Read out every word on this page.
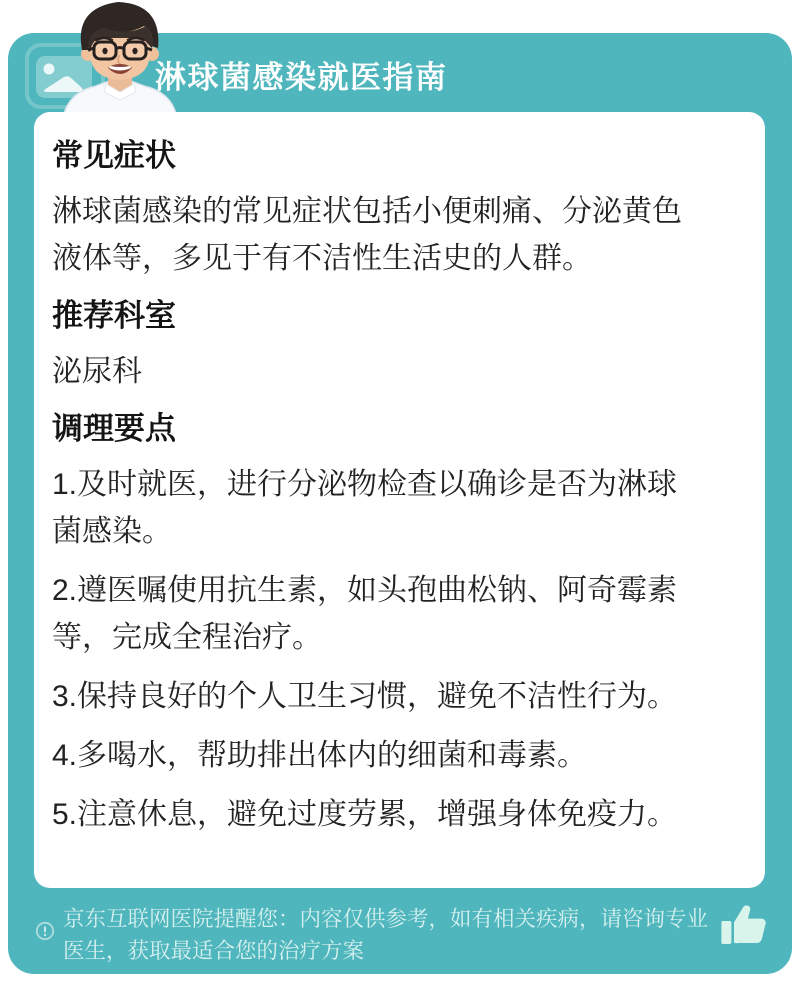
淋球菌感染就医指南
常见症状

淋球菌感染的常见症状包括小便刺痛、分泌黄色
液体等，多见于有不洁性生活史的人群。

推荐科室

泌尿科

调理要点

1.及时就医，进行分泌物检查以确诊是否为淋球
菌感染。

2.遵医嘱使用抗生素，如头孢曲松钠、阿奇霉素
等，完成全程治疗。

3.保持良好的个人卫生习惯，避免不洁性行为。

4.多喝水，帮助排出体内的细菌和毒素。

5.注意休息，避免过度劳累，增强身体免疫力。

京东互联网医院提醒您：内容仅供参考，如有相关疾病，请咨询专业
医生，获取最适合您的治疗方案
